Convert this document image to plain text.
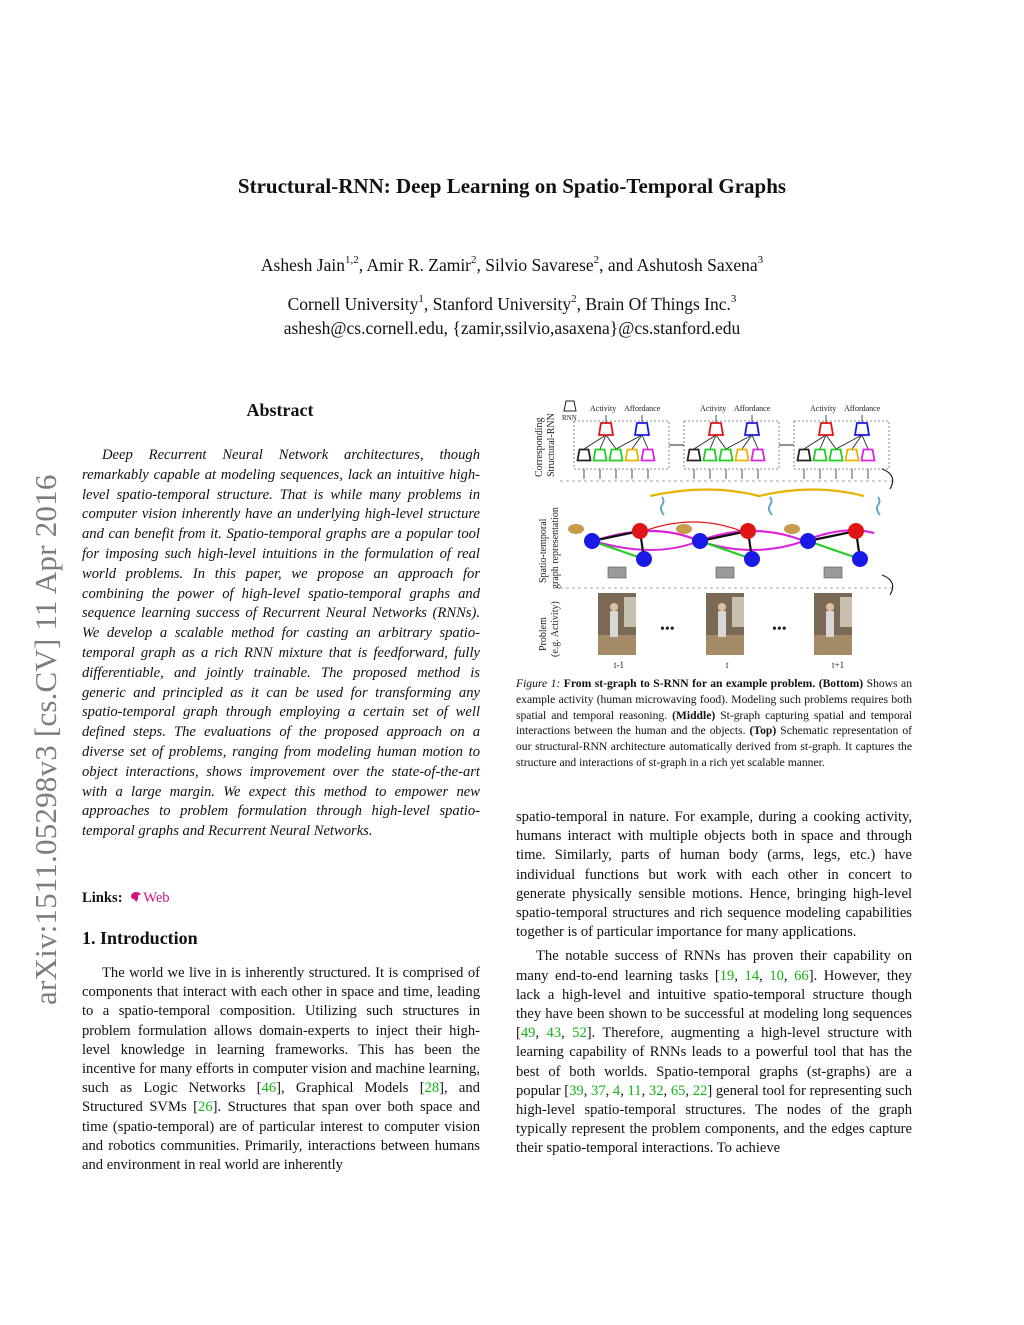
arXiv:1511.05298v3 [cs.CV] 11 Apr 2016
Structural-RNN: Deep Learning on Spatio-Temporal Graphs
Ashesh Jain$^{1,2}$, Amir R. Zamir$^2$, Silvio Savarese$^2$, and Ashutosh Saxena$^3$
Cornell University$^1$, Stanford University$^2$, Brain Of Things Inc.$^3$
ashesh@cs.cornell.edu, {zamir,ssilvio,asaxena}@cs.stanford.edu
Abstract

Deep Recurrent Neural Network architectures, though remarkably capable at modeling sequences, lack an intuitive high-level spatio-temporal structure. That is while many problems in computer vision inherently have an underlying high-level structure and can benefit from it. Spatio-temporal graphs are a popular tool for imposing such high-level intuitions in the formulation of real world problems. In this paper, we propose an approach for combining the power of high-level spatio-temporal graphs and sequence learning success of Recurrent Neural Networks (RNNs). We develop a scalable method for casting an arbitrary spatio-temporal graph as a rich RNN mixture that is feedforward, fully differentiable, and jointly trainable. The proposed method is generic and principled as it can be used for transforming any spatio-temporal graph through employing a certain set of well defined steps. The evaluations of the proposed approach on a diverse set of problems, ranging from modeling human motion to object interactions, shows improvement over the state-of-the-art with a large margin. We expect this method to empower new approaches to problem formulation through high-level spatio-temporal graphs and Recurrent Neural Networks.

Links: Web
1. Introduction

The world we live in is inherently structured. It is comprised of components that interact with each other in space and time, leading to a spatio-temporal composition. Utilizing such structures in problem formulation allows domain-experts to inject their high-level knowledge in learning frameworks. This has been the incentive for many efforts in computer vision and machine learning, such as Logic Networks [46], Graphical Models [28], and Structured SVMs [26]. Structures that span over both space and time (spatio-temporal) are of particular interest to computer vision and robotics communities. Primarily, interactions between humans and environment in real world are inherently

Corresponding Structural-RNN
Spatio-temporal graph representation
Problem (e.g. Activity)
RNN
Activity Affordance	Activity Affordance	Activity Affordance
•••	•••
t-1	t	t+1
Figure 1: From st-graph to S-RNN for an example problem. (Bottom) Shows an example activity (human microwaving food). Modeling such problems requires both spatial and temporal reasoning. (Middle) St-graph capturing spatial and temporal interactions between the human and the objects. (Top) Schematic representation of our structural-RNN architecture automatically derived from st-graph. It captures the structure and interactions of st-graph in a rich yet scalable manner.

spatio-temporal in nature. For example, during a cooking activity, humans interact with multiple objects both in space and through time. Similarly, parts of human body (arms, legs, etc.) have individual functions but work with each other in concert to generate physically sensible motions. Hence, bringing high-level spatio-temporal structures and rich sequence modeling capabilities together is of particular importance for many applications.

The notable success of RNNs has proven their capability on many end-to-end learning tasks [19, 14, 10, 66]. However, they lack a high-level and intuitive spatio-temporal structure though they have been shown to be successful at modeling long sequences [49, 43, 52]. Therefore, augmenting a high-level structure with learning capability of RNNs leads to a powerful tool that has the best of both worlds. Spatio-temporal graphs (st-graphs) are a popular [39, 37, 4, 11, 32, 65, 22] general tool for representing such high-level spatio-temporal structures. The nodes of the graph typically represent the problem components, and the edges capture their spatio-temporal interactions. To achieve
